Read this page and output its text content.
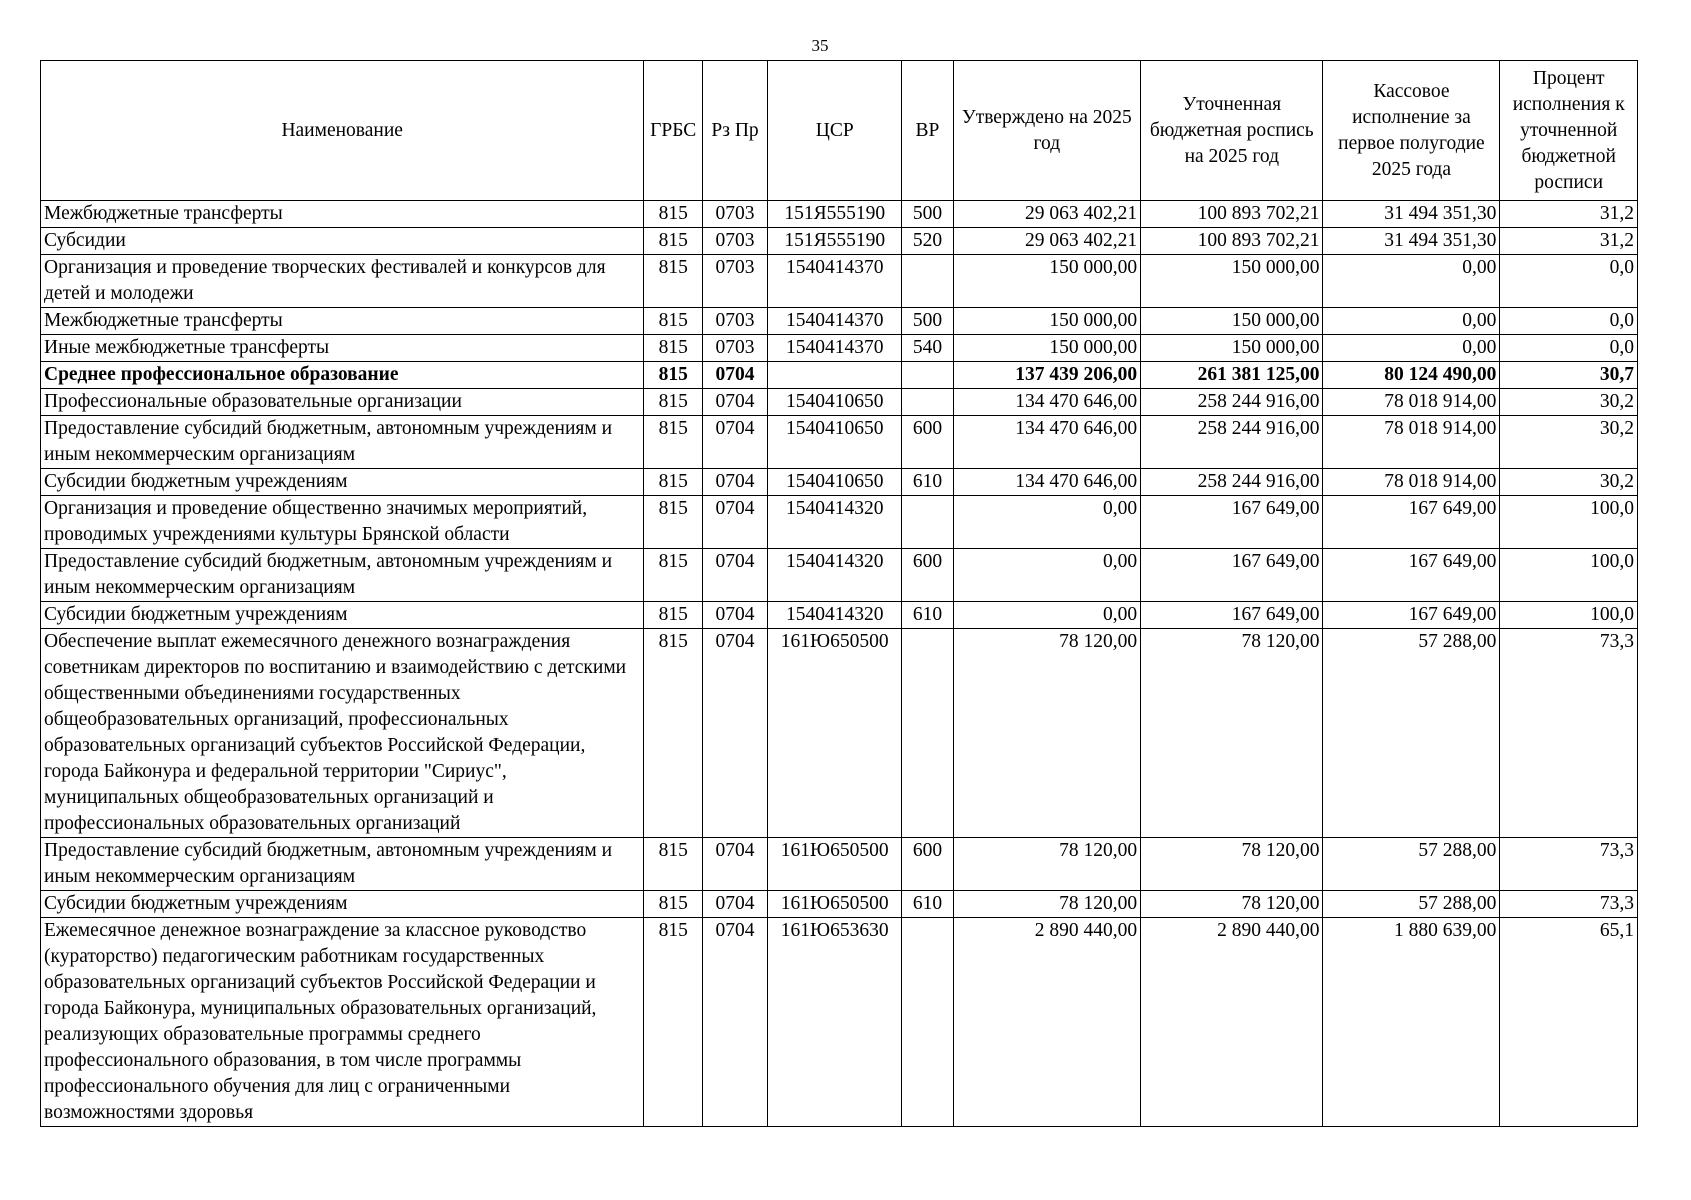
35
Наименование	ГРБС	Рз Пр	ЦСР	ВР	Утверждено на 2025 год	Уточненная бюджетная роспись на 2025 год	Кассовое исполнение за первое полугодие 2025 года	Процент исполнения к уточненной бюджетной росписи
Межбюджетные трансферты	815	0703	151Я555190	500	29 063 402,21	100 893 702,21	31 494 351,30	31,2
Субсидии	815	0703	151Я555190	520	29 063 402,21	100 893 702,21	31 494 351,30	31,2
Организация и проведение творческих фестивалей и конкурсов для детей и молодежи	815	0703	1540414370		150 000,00	150 000,00	0,00	0,0
Межбюджетные трансферты	815	0703	1540414370	500	150 000,00	150 000,00	0,00	0,0
Иные межбюджетные трансферты	815	0703	1540414370	540	150 000,00	150 000,00	0,00	0,0
Среднее профессиональное образование	815	0704			137 439 206,00	261 381 125,00	80 124 490,00	30,7
Профессиональные образовательные организации	815	0704	1540410650		134 470 646,00	258 244 916,00	78 018 914,00	30,2
Предоставление субсидий бюджетным, автономным учреждениям и иным некоммерческим организациям	815	0704	1540410650	600	134 470 646,00	258 244 916,00	78 018 914,00	30,2
Субсидии бюджетным учреждениям	815	0704	1540410650	610	134 470 646,00	258 244 916,00	78 018 914,00	30,2
Организация и проведение общественно значимых мероприятий, проводимых учреждениями культуры Брянской области	815	0704	1540414320		0,00	167 649,00	167 649,00	100,0
Предоставление субсидий бюджетным, автономным учреждениям и иным некоммерческим организациям	815	0704	1540414320	600	0,00	167 649,00	167 649,00	100,0
Субсидии бюджетным учреждениям	815	0704	1540414320	610	0,00	167 649,00	167 649,00	100,0
Обеспечение выплат ежемесячного денежного вознаграждения советникам директоров по воспитанию и взаимодействию с детскими общественными объединениями государственных общеобразовательных организаций, профессиональных образовательных организаций субъектов Российской Федерации, города Байконура и федеральной территории "Сириус", муниципальных общеобразовательных организаций и профессиональных образовательных организаций	815	0704	161Ю650500		78 120,00	78 120,00	57 288,00	73,3
Предоставление субсидий бюджетным, автономным учреждениям и иным некоммерческим организациям	815	0704	161Ю650500	600	78 120,00	78 120,00	57 288,00	73,3
Субсидии бюджетным учреждениям	815	0704	161Ю650500	610	78 120,00	78 120,00	57 288,00	73,3
Ежемесячное денежное вознаграждение за классное руководство (кураторство) педагогическим работникам государственных образовательных организаций субъектов Российской Федерации и города Байконура, муниципальных образовательных организаций, реализующих образовательные программы среднего профессионального образования, в том числе программы профессионального обучения для лиц с ограниченными возможностями здоровья	815	0704	161Ю653630		2 890 440,00	2 890 440,00	1 880 639,00	65,1
